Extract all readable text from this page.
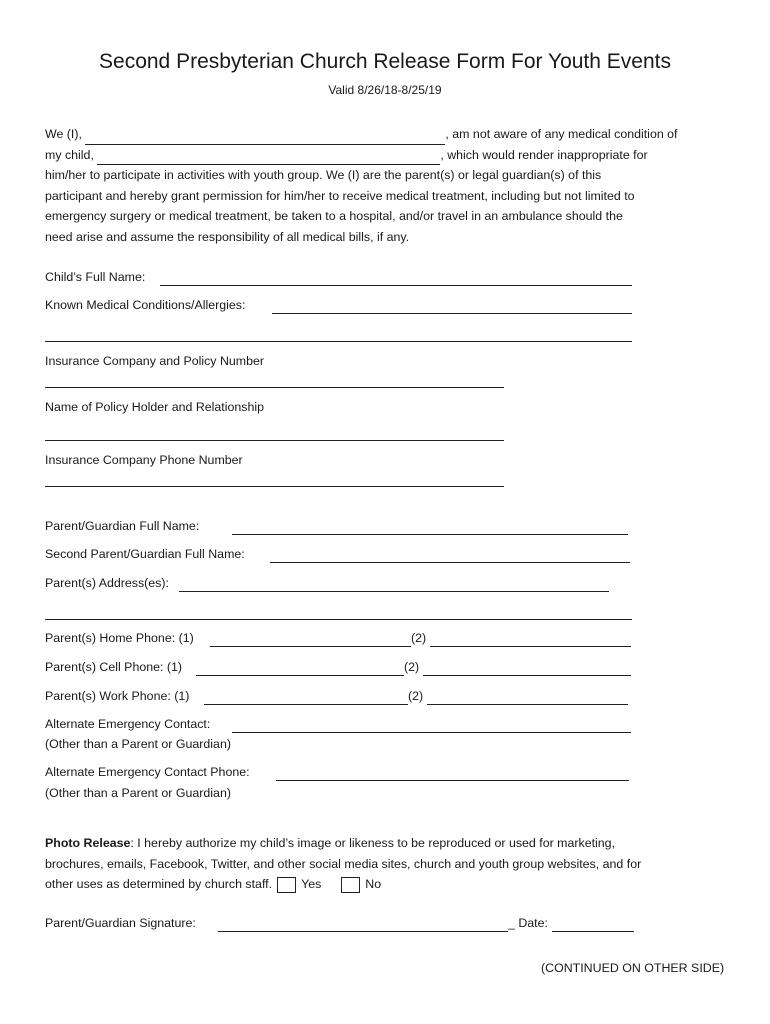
Second Presbyterian Church Release Form For Youth Events
Valid 8/26/18-8/25/19
We (I),	, am not aware of any medical condition of
my child,	, which would render inappropriate for
him/her to participate in activities with youth group. We (I) are the parent(s) or legal guardian(s) of this
participant and hereby grant permission for him/her to receive medical treatment, including but not limited to
emergency surgery or medical treatment, be taken to a hospital, and/or travel in an ambulance should the
need arise and assume the responsibility of all medical bills, if any.
Child’s Full Name:
Known Medical Conditions/Allergies:
Insurance Company and Policy Number
Name of Policy Holder and Relationship
Insurance Company Phone Number
Parent/Guardian Full Name:
Second Parent/Guardian Full Name:
Parent(s) Address(es):
Parent(s) Home Phone: (1)	(2)
Parent(s) Cell Phone: (1)	(2)
Parent(s) Work Phone: (1)	(2)
Alternate Emergency Contact:
(Other than a Parent or Guardian)
Alternate Emergency Contact Phone:
(Other than a Parent or Guardian)
Photo Release: I hereby authorize my child’s image or likeness to be reproduced or used for marketing,
brochures, emails, Facebook, Twitter, and other social media sites, church and youth group websites, and for
other uses as determined by church staff. Yes	No
Parent/Guardian Signature:	_ Date:
(CONTINUED ON OTHER SIDE)
